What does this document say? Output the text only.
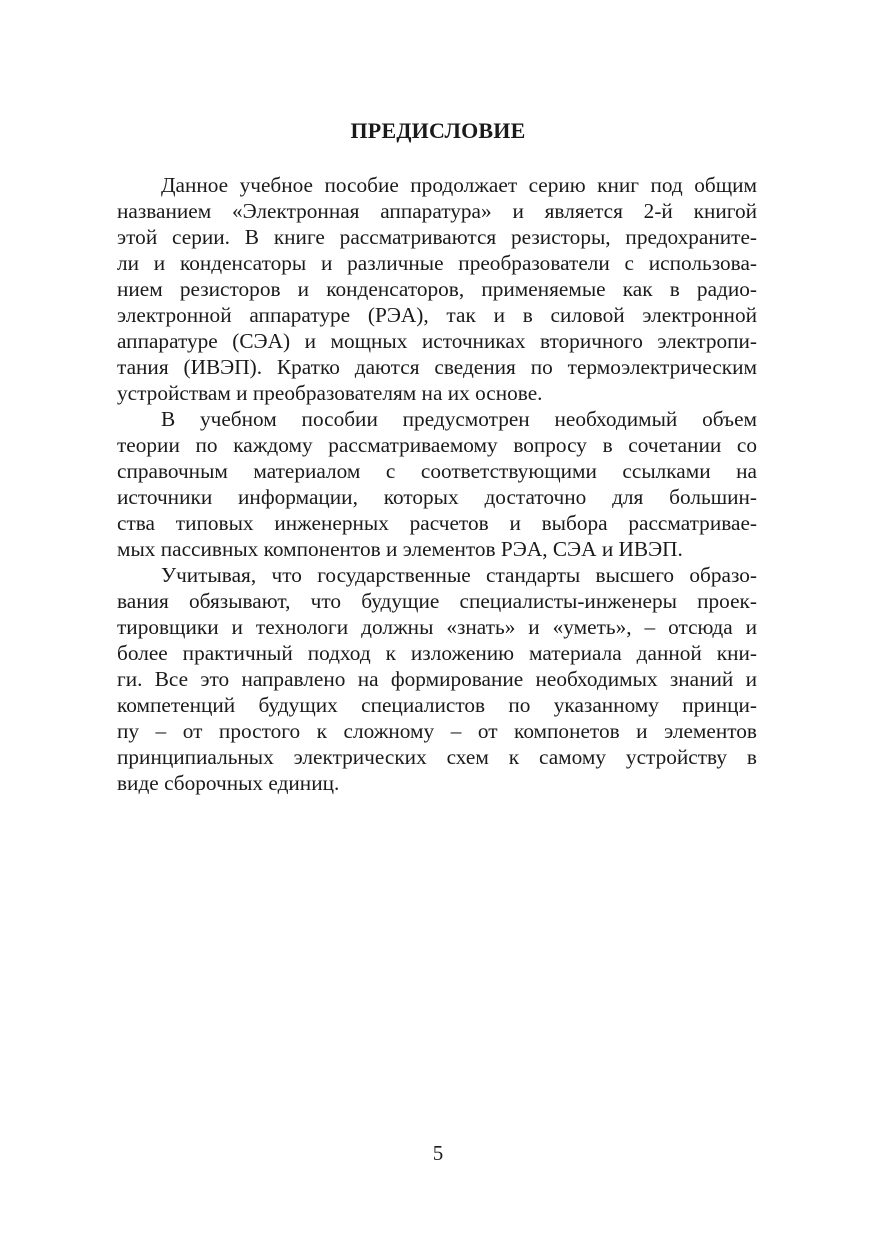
ПРЕДИСЛОВИЕ
Данное учебное пособие продолжает серию книг под общим
названием «Электронная аппаратура» и является 2-й книгой
этой серии. В книге рассматриваются резисторы, предохраните-
ли и конденсаторы и различные преобразователи с использова-
нием резисторов и конденсаторов, применяемые как в радио-
электронной аппаратуре (РЭА), так и в силовой электронной
аппаратуре (СЭА) и мощных источниках вторичного электропи-
тания (ИВЭП). Кратко даются сведения по термоэлектрическим
устройствам и преобразователям на их основе.
В учебном пособии предусмотрен необходимый объем
теории по каждому рассматриваемому вопросу в сочетании со
справочным материалом с соответствующими ссылками на
источники информации, которых достаточно для большин-
ства типовых инженерных расчетов и выбора рассматривае-
мых пассивных компонентов и элементов РЭА, СЭА и ИВЭП.
Учитывая, что государственные стандарты высшего образо-
вания обязывают, что будущие специалисты-инженеры проек-
тировщики и технологи должны «знать» и «уметь», – отсюда и
более практичный подход к изложению материала данной кни-
ги. Все это направлено на формирование необходимых знаний и
компетенций будущих специалистов по указанному принци-
пу – от простого к сложному – от компонетов и элементов
принципиальных электрических схем к самому устройству в
виде сборочных единиц.
5
